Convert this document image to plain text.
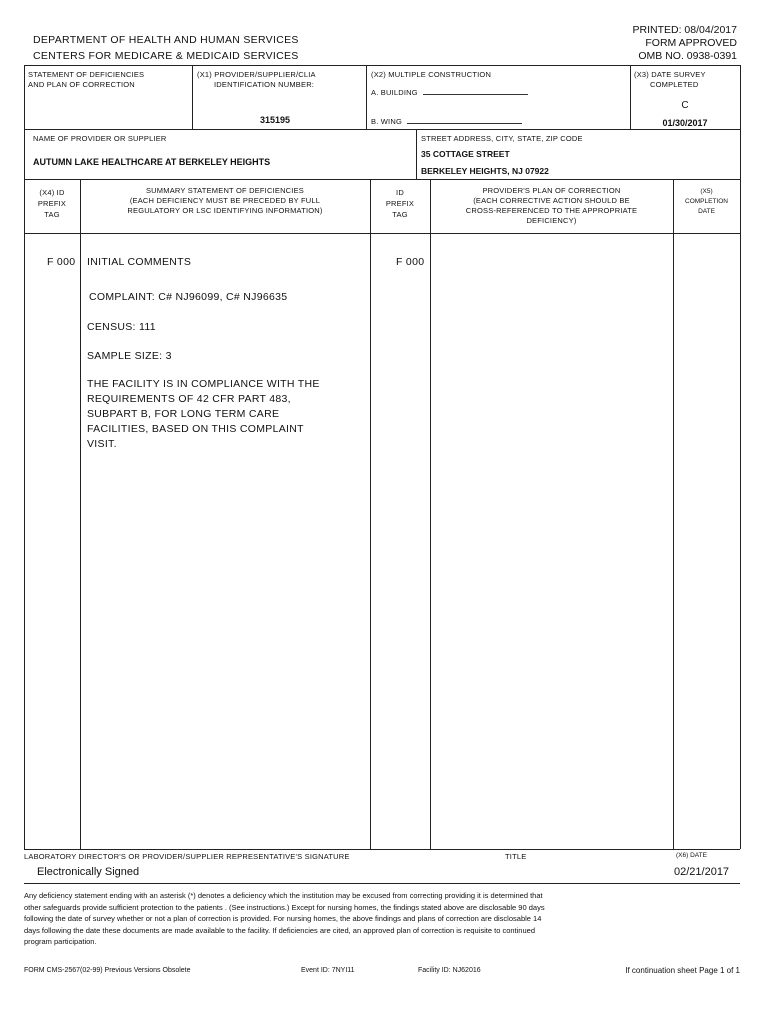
DEPARTMENT OF HEALTH AND HUMAN SERVICES
CENTERS FOR MEDICARE & MEDICAID SERVICES
PRINTED: 08/04/2017
FORM APPROVED
OMB NO. 0938-0391
STATEMENT OF DEFICIENCIES
AND PLAN OF CORRECTION
(X1) PROVIDER/SUPPLIER/CLIA
IDENTIFICATION NUMBER:
315195
(X2) MULTIPLE CONSTRUCTION
A. BUILDING
B. WING
(X3) DATE SURVEY
COMPLETED
C
01/30/2017
NAME OF PROVIDER OR SUPPLIER
AUTUMN LAKE HEALTHCARE AT BERKELEY HEIGHTS
STREET ADDRESS, CITY, STATE, ZIP CODE
35 COTTAGE STREET
BERKELEY HEIGHTS, NJ 07922
(X4) ID
PREFIX
TAG
SUMMARY STATEMENT OF DEFICIENCIES
(EACH DEFICIENCY MUST BE PRECEDED BY FULL
REGULATORY OR LSC IDENTIFYING INFORMATION)
ID
PREFIX
TAG
PROVIDER'S PLAN OF CORRECTION
(EACH CORRECTIVE ACTION SHOULD BE
CROSS-REFERENCED TO THE APPROPRIATE
DEFICIENCY)
(X5)
COMPLETION
DATE
F 000 INITIAL COMMENTS	F 000
COMPLAINT: C# NJ96099, C# NJ96635
CENSUS: 111
SAMPLE SIZE: 3
THE FACILITY IS IN COMPLIANCE WITH THE
REQUIREMENTS OF 42 CFR PART 483,
SUBPART B, FOR LONG TERM CARE
FACILITIES, BASED ON THIS COMPLAINT
VISIT.
LABORATORY DIRECTOR'S OR PROVIDER/SUPPLIER REPRESENTATIVE'S SIGNATURE	TITLE	(X6) DATE
Electronically Signed	02/21/2017
Any deficiency statement ending with an asterisk (*) denotes a deficiency which the institution may be excused from correcting providing it is determined that
other safeguards provide sufficient protection to the patients . (See instructions.) Except for nursing homes, the findings stated above are disclosable 90 days
following the date of survey whether or not a plan of correction is provided. For nursing homes, the above findings and plans of correction are disclosable 14
days following the date these documents are made available to the facility. If deficiencies are cited, an approved plan of correction is requisite to continued
program participation.
FORM CMS-2567(02-99) Previous Versions Obsolete	Event ID: 7NYI11	Facility ID: NJ62016	If continuation sheet Page 1 of 1
